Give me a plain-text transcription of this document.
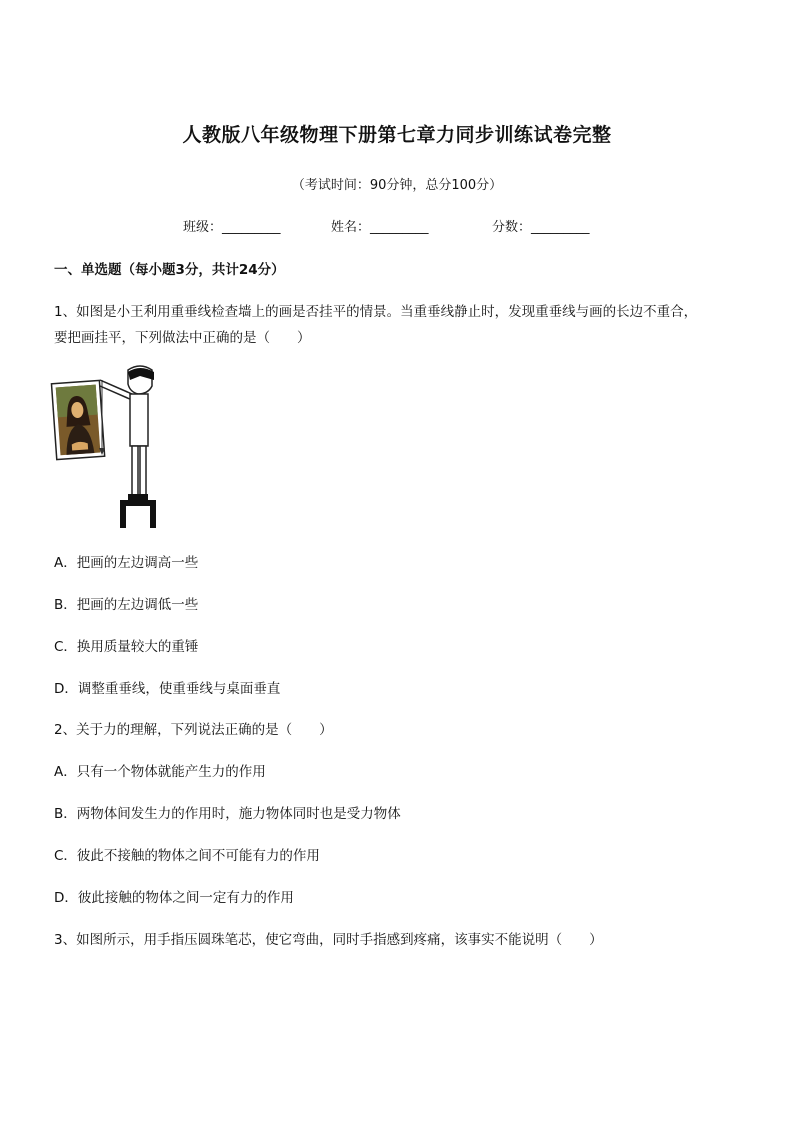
人教版八年级物理下册第七章力同步训练试卷完整
（考试时间：90分钟，总分100分）
班级：_________	姓名：_________	分数：_________
一、单选题（每小题3分，共计24分）
1、如图是小王利用重垂线检查墙上的画是否挂平的情景。当重垂线静止时，发现重垂线与画的长边不重合，
要把画挂平，下列做法中正确的是（　　）
A．把画的左边调高一些
B．把画的左边调低一些
C．换用质量较大的重锤
D．调整重垂线，使重垂线与桌面垂直
2、关于力的理解，下列说法正确的是（　　）
A．只有一个物体就能产生力的作用
B．两物体间发生力的作用时，施力物体同时也是受力物体
C．彼此不接触的物体之间不可能有力的作用
D．彼此接触的物体之间一定有力的作用
3、如图所示，用手指压圆珠笔芯，使它弯曲，同时手指感到疼痛，该事实不能说明（　　）
